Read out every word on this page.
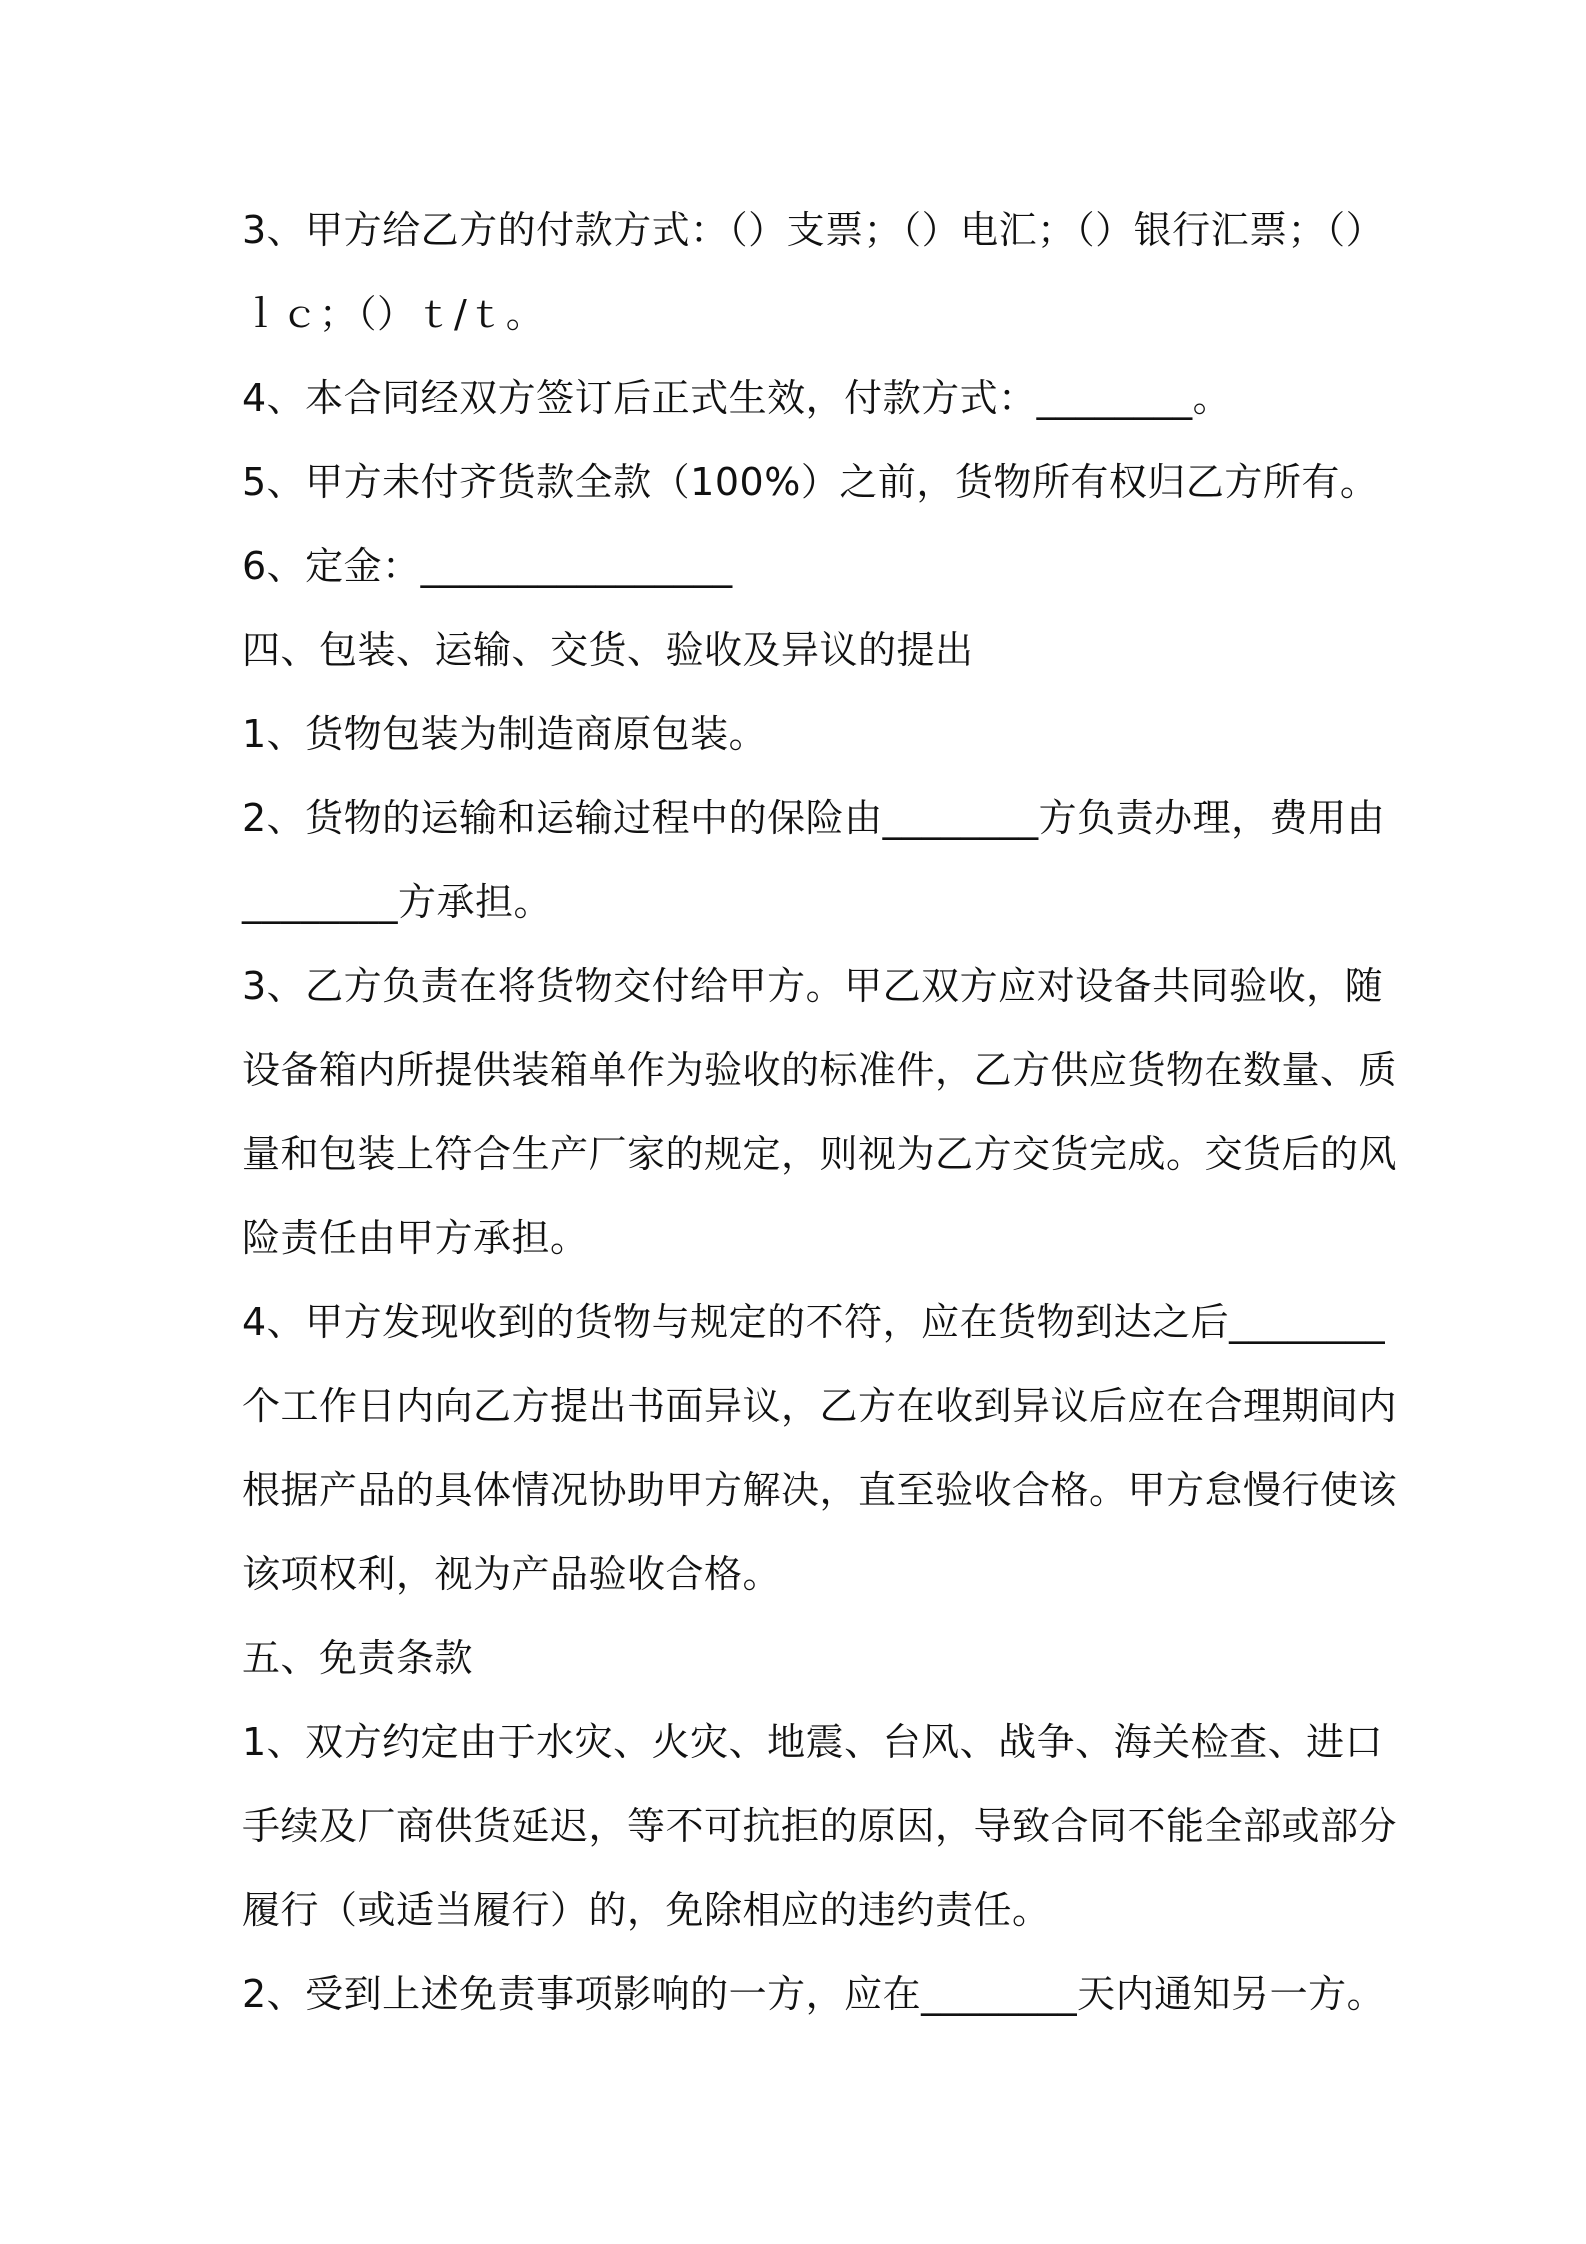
3、甲方给乙方的付款方式：（）支票；（）电汇；（）银行汇票；（）
ｌｃ；（）ｔ/ｔ。
4、本合同经双方签订后正式生效，付款方式：________。
5、甲方未付齐货款全款（100%）之前，货物所有权归乙方所有。
6、定金：________________
四、包装、运输、交货、验收及异议的提出
1、货物包装为制造商原包装。
2、货物的运输和运输过程中的保险由________方负责办理，费用由
________方承担。
3、乙方负责在将货物交付给甲方。甲乙双方应对设备共同验收，随
设备箱内所提供装箱单作为验收的标准件，乙方供应货物在数量、质
量和包装上符合生产厂家的规定，则视为乙方交货完成。交货后的风
险责任由甲方承担。
4、甲方发现收到的货物与规定的不符，应在货物到达之后________
个工作日内向乙方提出书面异议，乙方在收到异议后应在合理期间内
根据产品的具体情况协助甲方解决，直至验收合格。甲方怠慢行使该
该项权利，视为产品验收合格。
五、免责条款
1、双方约定由于水灾、火灾、地震、台风、战争、海关检查、进口
手续及厂商供货延迟，等不可抗拒的原因，导致合同不能全部或部分
履行（或适当履行）的，免除相应的违约责任。
2、受到上述免责事项影响的一方，应在________天内通知另一方。
